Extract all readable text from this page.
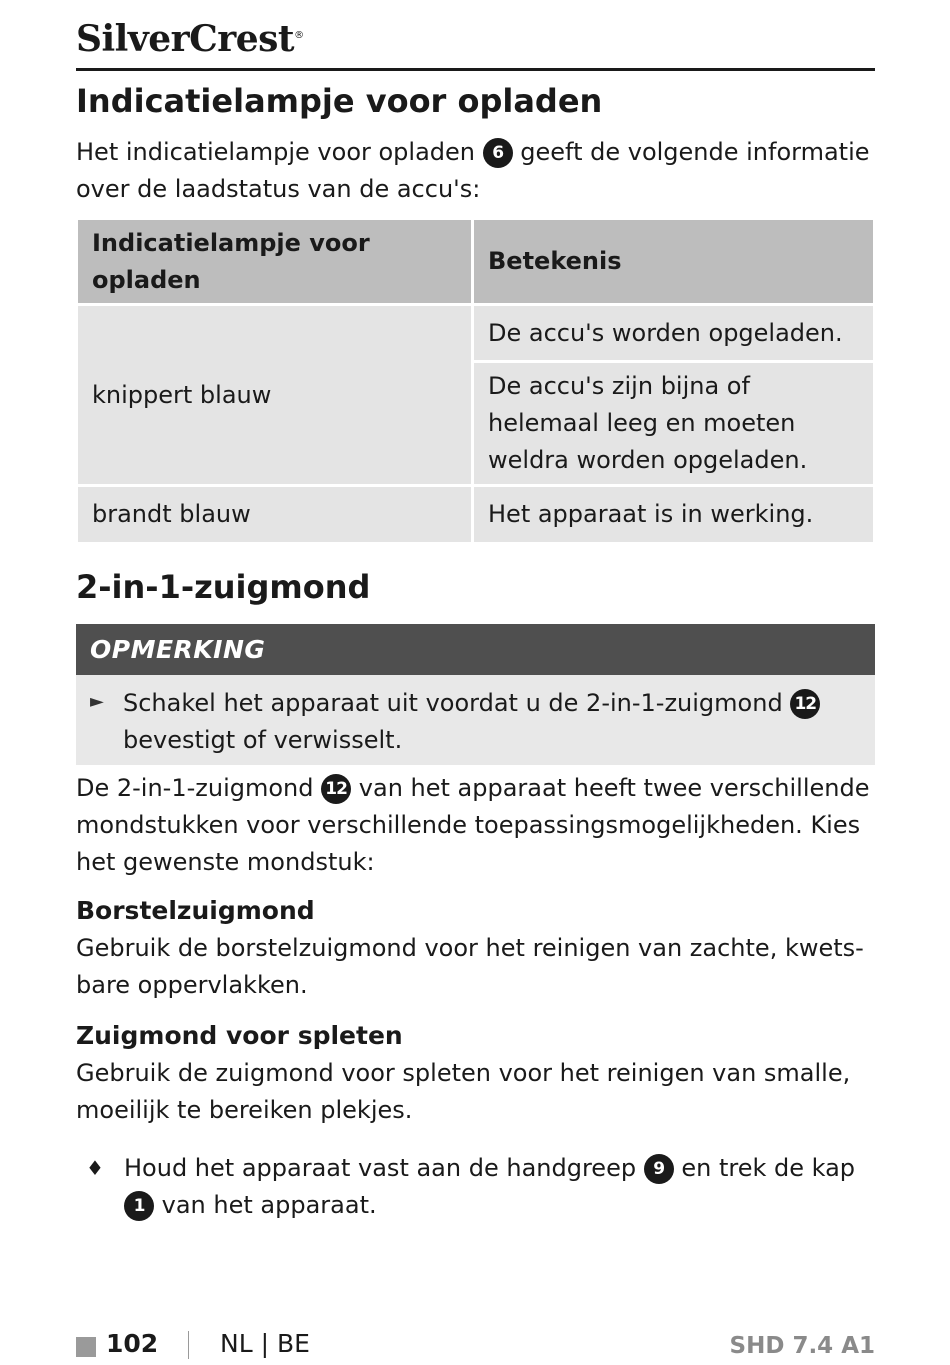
SilverCrest®
Indicatielampje voor opladen
Het indicatielampje voor opladen 6 geeft de volgende informatie over de laadstatus van de accu's:
Indicatielampje voor opladen
Betekenis
knippert blauw
De accu's worden opgeladen.
De accu's zijn bijna of helemaal leeg en moeten weldra worden opgeladen.
brandt blauw	Het apparaat is in werking.
2-in-1-zuigmond
OPMERKING
► Schakel het apparaat uit voordat u de 2-in-1-zuigmond 12 bevestigt of verwisselt.
De 2-in-1-zuigmond 12 van het apparaat heeft twee verschillende mondstukken voor verschillende toepassingsmogelijkheden. Kies het gewenste mondstuk:
Borstelzuigmond
Gebruik de borstelzuigmond voor het reinigen van zachte, kwetsbare oppervlakken.
Zuigmond voor spleten
Gebruik de zuigmond voor spleten voor het reinigen van smalle, moeilijk te bereiken plekjes.
♦ Houd het apparaat vast aan de handgreep 9 en trek de kap 1 van het apparaat.
102 NL | BE	SHD 7.4 A1
